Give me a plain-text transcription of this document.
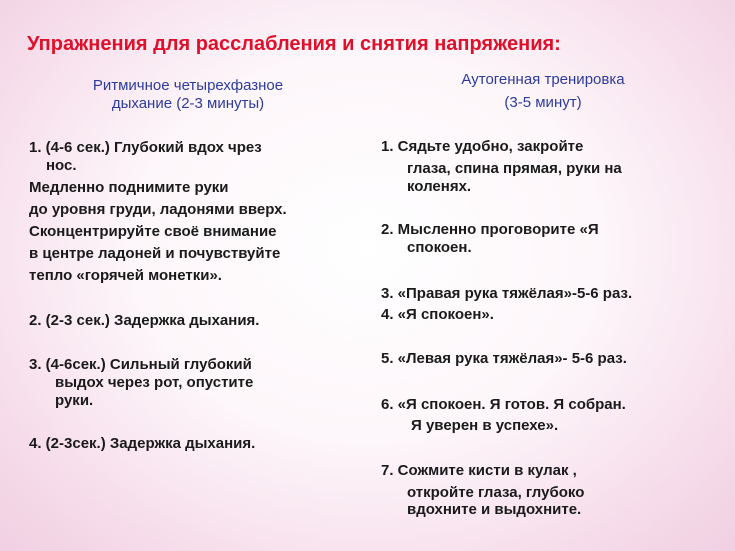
Упражнения для расслабления и снятия напряжения:
Ритмичное четырехфазное
дыхание (2-3 минуты)
1. (4-6 сек.) Глубокий вдох чрез
нос.
Медленно поднимите руки
до уровня груди, ладонями вверх.
Сконцентрируйте своё внимание
в центре ладоней и почувствуйте
тепло «горячей монетки».
2. (2-3 сек.) Задержка дыхания.
3. (4-6сек.) Сильный глубокий
выдох через рот, опустите
руки.
4. (2-3сек.) Задержка дыхания.
Аутогенная тренировка
(3-5 минут)
1. Сядьте удобно, закройте
глаза, спина прямая, руки на
коленях.
2. Мысленно проговорите «Я
спокоен.
3. «Правая рука тяжёлая»-5-6 раз.
4. «Я спокоен».
5. «Левая рука тяжёлая»- 5-6 раз.
6. «Я спокоен. Я готов. Я собран.
Я уверен в успехе».
7. Сожмите кисти в кулак ,
откройте глаза, глубоко
вдохните и выдохните.
